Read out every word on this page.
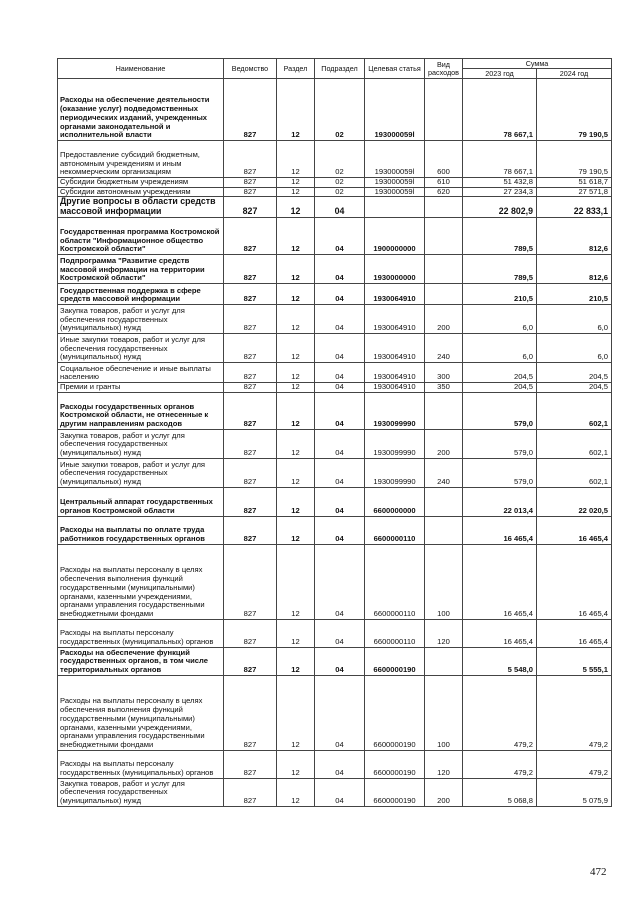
Наименование	Ведомство	Раздел	Подраздел	Целевая статья	Вид расходов	Сумма	
						2023 год	2024 год
Расходы на обеспечение деятельности (оказание услуг) подведомственных периодических изданий, учрежденных органами законодательной и исполнительной власти	827	12	02	193000059l		78 667,1	79 190,5
Предоставление субсидий бюджетным, автономным учреждениям и иным некоммерческим организациям	827	12	02	193000059l	600	78 667,1	79 190,5
Субсидии бюджетным учреждениям	827	12	02	193000059l	610	51 432,8	51 618,7
Субсидии автономным учреждениям	827	12	02	193000059l	620	27 234,3	27 571,8
Другие вопросы в области средств массовой информации	827	12	04			22 802,9	22 833,1
Государственная программа Костромской области "Информационное общество Костромской области"	827	12	04	1900000000		789,5	812,6
Подпрограмма "Развитие средств массовой информации на территории Костромской области"	827	12	04	1930000000		789,5	812,6
Государственная поддержка в сфере средств массовой информации	827	12	04	1930064910		210,5	210,5
Закупка товаров, работ и услуг для обеспечения государственных (муниципальных) нужд	827	12	04	1930064910	200	6,0	6,0
Иные закупки товаров, работ и услуг для обеспечения государственных (муниципальных) нужд	827	12	04	1930064910	240	6,0	6,0
Социальное обеспечение и иные выплаты населению	827	12	04	1930064910	300	204,5	204,5
Премии и гранты	827	12	04	1930064910	350	204,5	204,5
Расходы государственных органов Костромской области, не отнесенные к другим направлениям расходов	827	12	04	1930099990		579,0	602,1
Закупка товаров, работ и услуг для обеспечения государственных (муниципальных) нужд	827	12	04	1930099990	200	579,0	602,1
Иные закупки товаров, работ и услуг для обеспечения государственных (муниципальных) нужд	827	12	04	1930099990	240	579,0	602,1
Центральный аппарат государственных органов Костромской области	827	12	04	6600000000		22 013,4	22 020,5
Расходы на выплаты по оплате труда работников государственных органов	827	12	04	6600000110		16 465,4	16 465,4
Расходы на выплаты персоналу в целях обеспечения выполнения функций государственными (муниципальными) органами, казенными учреждениями, органами управления государственными внебюджетными фондами	827	12	04	6600000110	100	16 465,4	16 465,4
Расходы на выплаты персоналу государственных (муниципальных) органов	827	12	04	6600000110	120	16 465,4	16 465,4
Расходы на обеспечение функций государственных органов, в том числе территориальных органов	827	12	04	6600000190		5 548,0	5 555,1
Расходы на выплаты персоналу в целях обеспечения выполнения функций государственными (муниципальными) органами, казенными учреждениями, органами управления государственными внебюджетными фондами	827	12	04	6600000190	100	479,2	479,2
Расходы на выплаты персоналу государственных (муниципальных) органов	827	12	04	6600000190	120	479,2	479,2
Закупка товаров, работ и услуг для обеспечения государственных (муниципальных) нужд	827	12	04	6600000190	200	5 068,8	5 075,9
472
